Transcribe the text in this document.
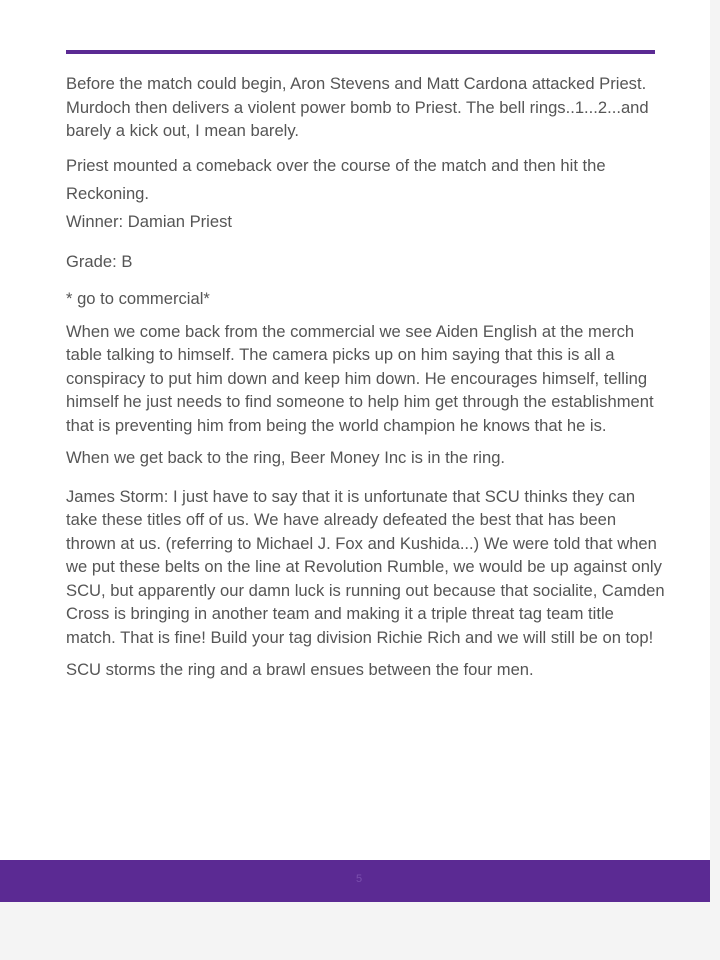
Before the match could begin, Aron Stevens and Matt Cardona attacked Priest. Murdoch then delivers a violent power bomb to Priest. The bell rings..1...2...and barely a kick out, I mean barely.

Priest mounted a comeback over the course of the match and then hit the Reckoning.

Winner: Damian Priest

Grade: B

* go to commercial*

When we come back from the commercial we see Aiden English at the merch table talking to himself. The camera picks up on him saying that this is all a conspiracy to put him down and keep him down. He encourages himself, telling himself he just needs to find someone to help him get through the establishment that is preventing him from being the world champion he knows that he is.

When we get back to the ring, Beer Money Inc is in the ring.

James Storm: I just have to say that it is unfortunate that SCU thinks they can take these titles off of us. We have already defeated the best that has been thrown at us. (referring to Michael J. Fox and Kushida...) We were told that when we put these belts on the line at Revolution Rumble, we would be up against only SCU, but apparently our damn luck is running out because that socialite, Camden Cross is bringing in another team and making it a triple threat tag team title match. That is fine! Build your tag division Richie Rich and we will still be on top!

SCU storms the ring and a brawl ensues between the four men.

5
